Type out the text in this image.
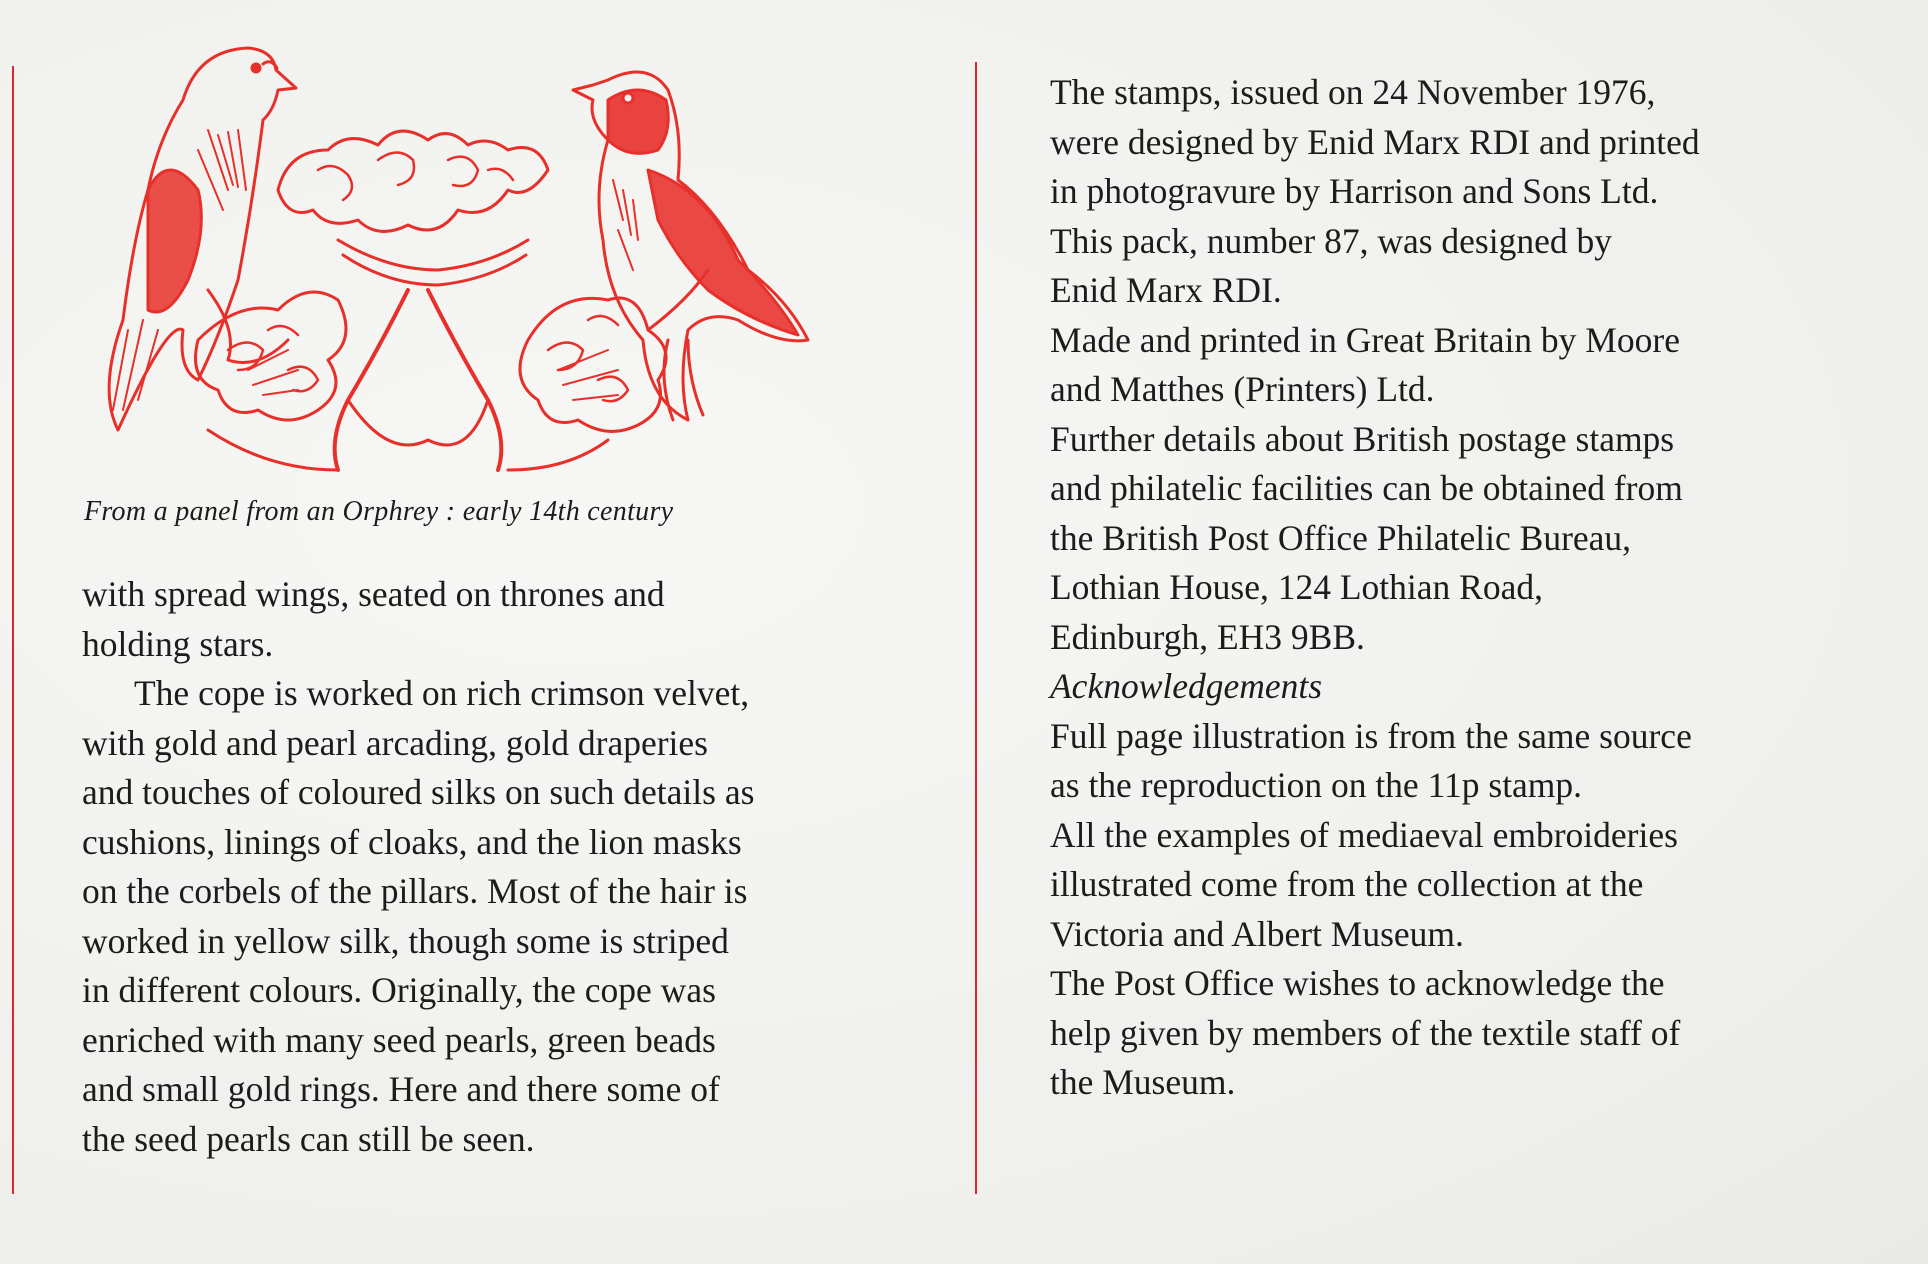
From a panel from an Orphrey : early 14th century

with spread wings, seated on thrones and

holding stars.

The cope is worked on rich crimson velvet,

with gold and pearl arcading, gold draperies

and touches of coloured silks on such details as

cushions, linings of cloaks, and the lion masks

on the corbels of the pillars. Most of the hair is

worked in yellow silk, though some is striped

in different colours. Originally, the cope was

enriched with many seed pearls, green beads

and small gold rings. Here and there some of

the seed pearls can still be seen.

The stamps, issued on 24 November 1976,

were designed by Enid Marx RDI and printed

in photogravure by Harrison and Sons Ltd.

This pack, number 87, was designed by

Enid Marx RDI.

Made and printed in Great Britain by Moore

and Matthes (Printers) Ltd.

Further details about British postage stamps

and philatelic facilities can be obtained from

the British Post Office Philatelic Bureau,

Lothian House, 124 Lothian Road,

Edinburgh, EH3 9BB.

Acknowledgements

Full page illustration is from the same source

as the reproduction on the 11p stamp.

All the examples of mediaeval embroideries

illustrated come from the collection at the

Victoria and Albert Museum.

The Post Office wishes to acknowledge the

help given by members of the textile staff of

the Museum.
